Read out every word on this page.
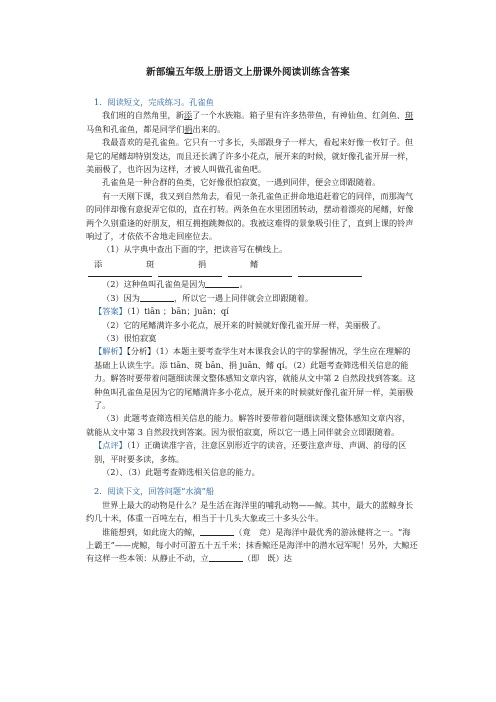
新部编五年级上册语文上册课外阅读训练含答案

1．阅读短文，完成练习。孔雀鱼

我们班的自然角里，新添了一个水族箱。箱子里有许多热带鱼，有神仙鱼、红剑鱼、斑马鱼和孔雀鱼，都是同学们捐出来的。

我最喜欢的是孔雀鱼。它只有一寸多长，头部跟身子一样大，看起来好像一枚钉子。但是它的尾鳍却特别发达，而且还长满了许多小花点，展开来的时候，就好像孔雀开屏一样，美丽极了，也许因为这样，才被人叫做孔雀鱼吧。

孔雀鱼是一种合群的鱼类，它好像很怕寂寞，一遇到同伴，便会立即跟随着。

有一天刚下课，我又到自然角去，看见一条孔雀鱼正拼命地追赶着它的同伴，而那淘气的同伴却像有意捉弄它似的，直在打转。两条鱼在水里团团转动，摆动着漂亮的尾鳍，好像两个久别重逢的好朋友，相互拥抱跳舞似的。我被这难得的景象吸引住了，直到上课的铃声响过了，才依依不舍地走回座位去。

（1）从字典中查出下面的字，把读音写在横线上。

添	斑	捐	鳍

（2）这种鱼叫孔雀鱼是因为	。

（3）因为	，所以它一遇上同伴就会立即跟随着。

【答案】（1）tiān ；bān；juān；qí

（2）它的尾鳍满许多小花点，展开来的时候就好像孔雀开屏一样，美丽极了。

（3）很怕寂寞

【解析】【分析】（1）本题主要考查学生对本课我会认的字的掌握情况，学生应在理解的基础上认读生字。添 tiān、斑 bān、捐 juān、鳍 qí。（2）此题考查筛选相关信息的能力。解答时要带着问题细读课文整体感知文章内容，就能从文中第 2 自然段找到答案。这种鱼叫孔雀鱼是因为它的尾鳍满许多小花点，展开来的时候就好像孔雀开屏一样，美丽极了。

（3）此题考查筛选相关信息的能力。解答时要带着问题细读课文整体感知文章内容，就能从文中第 3 自然段找到答案。因为很怕寂寞，所以它一遇上同伴就会立即跟随着。

【点评】（1）正确读准字音，注意区别形近字的读音，还要注意声母、声调、韵母的区别，平时要多读，多练。

（2）、（3）此题考查筛选相关信息的能力。

2．阅读下文，回答问题“水滴”船

世界上最大的动物是什么？是生活在海洋里的哺乳动物——鲸。其中，最大的蓝鲸身长约几十米，体重一百吨左右，相当于十几头大象或三十多头公牛。

谁能想到，如此庞大的鲸，	（竟　竞）是海洋中最优秀的游泳健将之一。“海上霸王”——虎鲸，每小时可游五十五千米；抹香鲸还是海洋中的潜水冠军呢！另外，大鲸还有这样一些本领：从静止不动，立	（即　既）达
